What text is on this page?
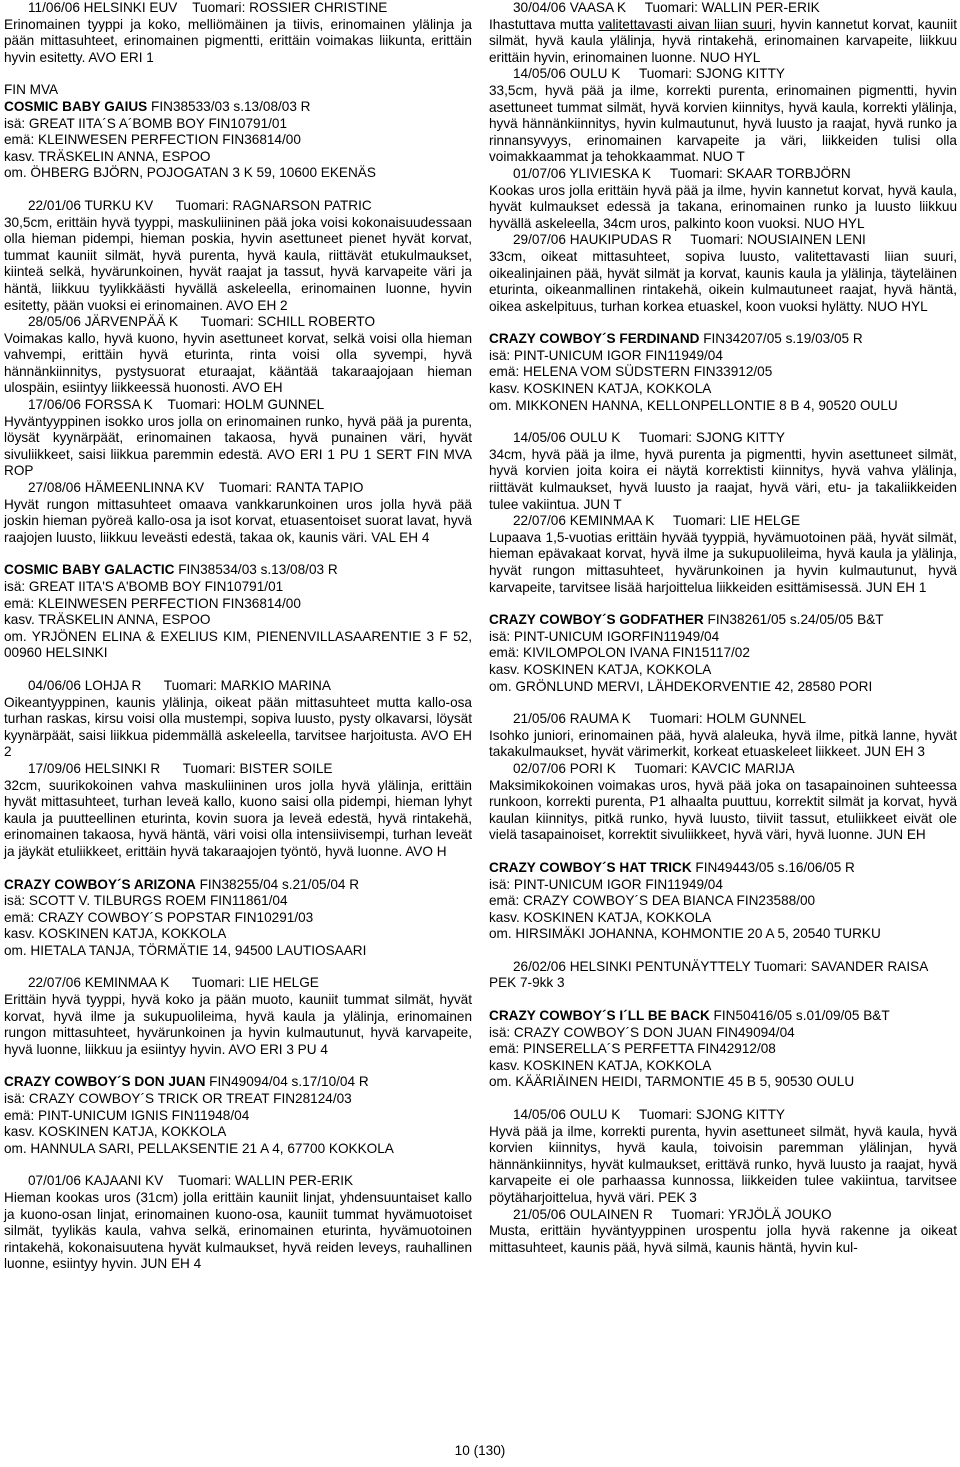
11/06/06 HELSINKI EUV    Tuomari: ROSSIER CHRISTINE
Erinomainen tyyppi ja koko, melliömäinen ja tiivis, erinomainen ylälinja ja pään mittasuhteet, erinomainen pigmentti, erittäin voimakas liikunta, erittäin hyvin esitetty. AVO ERI 1
FIN MVA
COSMIC BABY GAIUS FIN38533/03 s.13/08/03 R
isä: GREAT IITA´S A´BOMB BOY FIN10791/01
emä: KLEINWESEN PERFECTION FIN36814/00
kasv. TRÄSKELIN ANNA, ESPOO
om. ÖHBERG BJÖRN, POJOGATAN 3 K 59, 10600 EKENÄS
22/01/06 TURKU KV      Tuomari: RAGNARSON PATRIC
30,5cm, erittäin hyvä tyyppi, maskuliininen pää joka voisi kokonaisuudessaan olla hieman pidempi, hieman poskia, hyvin asettuneet pienet hyvät korvat, tummat kauniit silmät, hyvä purenta, hyvä kaula, riittävät etukulmaukset, kiinteä selkä, hyvärunkoinen, hyvät raajat ja tassut, hyvä karvapeite väri ja häntä, liikkuu tyylikkäästi hyvällä askeleella, erinomainen luonne, hyvin esitetty, pään vuoksi ei erinomainen. AVO EH 2
28/05/06 JÄRVENPÄÄ K      Tuomari: SCHILL ROBERTO
Voimakas kallo, hyvä kuono, hyvin asettuneet korvat, selkä voisi olla hieman vahvempi, erittäin hyvä eturinta, rinta voisi olla syvempi, hyvä hännänkiinnitys, pystysuorat eturaajat, kääntää takaraajojaan hieman ulospäin, esiintyy liikkeessä huonosti. AVO EH
17/06/06 FORSSA K    Tuomari: HOLM GUNNEL
Hyväntyyppinen isokko uros jolla on erinomainen runko, hyvä pää ja purenta, löysät kyynärpäät, erinomainen takaosa, hyvä punainen väri, hyvät sivuliikkeet, saisi liikkua paremmin edestä. AVO ERI 1 PU 1 SERT FIN MVA ROP
27/08/06 HÄMEENLINNA KV    Tuomari: RANTA TAPIO
Hyvät rungon mittasuhteet omaava vankkarunkoinen uros jolla hyvä pää joskin hieman pyöreä kallo-osa ja isot korvat, etuasentoiset suorat lavat, hyvä raajojen luusto, liikkuu leveästi edestä, takaa ok, kaunis väri. VAL EH 4
COSMIC BABY GALACTIC FIN38534/03 s.13/08/03 R
isä: GREAT IITA'S A'BOMB BOY FIN10791/01
emä: KLEINWESEN PERFECTION FIN36814/00
kasv. TRÄSKELIN ANNA, ESPOO
om. YRJÖNEN ELINA & EXELIUS KIM, PIENENVILLASAARENTIE 3 F 52, 00960 HELSINKI
04/06/06 LOHJA R      Tuomari: MARKIO MARINA
Oikeantyyppinen, kaunis ylälinja, oikeat pään mittasuhteet mutta kallo-osa turhan raskas, kirsu voisi olla mustempi, sopiva luusto, pysty olkavarsi, löysät kyynärpäät, saisi liikkua pidemmällä askeleella, tarvitsee harjoitusta. AVO EH 2
17/09/06 HELSINKI R      Tuomari: BISTER SOILE
32cm, suurikokoinen vahva maskuliininen uros jolla hyvä ylälinja, erittäin hyvät mittasuhteet, turhan leveä kallo, kuono saisi olla pidempi, hieman lyhyt kaula ja puutteellinen eturinta, kovin suora ja leveä edestä, hyvä rintakehä, erinomainen takaosa, hyvä häntä, väri voisi olla intensiivisempi, turhan leveät ja jäykät etuliikkeet, erittäin hyvä takaraajojen työntö, hyvä luonne. AVO H
CRAZY COWBOY´S ARIZONA FIN38255/04 s.21/05/04 R
isä: SCOTT V. TILBURGS ROEM FIN11861/04
emä: CRAZY COWBOY´S POPSTAR FIN10291/03
kasv. KOSKINEN KATJA, KOKKOLA
om. HIETALA TANJA, TÖRMÄTIE 14, 94500 LAUTIOSAARI
22/07/06 KEMINMAA K      Tuomari: LIE HELGE
Erittäin hyvä tyyppi, hyvä koko ja pään muoto, kauniit tummat silmät, hyvät korvat, hyvä ilme ja sukupuolileima, hyvä kaula ja ylälinja, erinomainen rungon mittasuhteet, hyvärunkoinen ja hyvin kulmautunut, hyvä karvapeite, hyvä luonne, liikkuu ja esiintyy hyvin. AVO ERI 3 PU 4
CRAZY COWBOY´S DON JUAN FIN49094/04 s.17/10/04 R
isä: CRAZY COWBOY´S TRICK OR TREAT FIN28124/03
emä: PINT-UNICUM IGNIS FIN11948/04
kasv. KOSKINEN KATJA, KOKKOLA
om. HANNULA SARI, PELLAKSENTIE 21 A 4, 67700 KOKKOLA
07/01/06 KAJAANI KV    Tuomari: WALLIN PER-ERIK
Hieman kookas uros (31cm) jolla erittäin kauniit linjat, yhdensuuntaiset kallo ja kuono-osan linjat, erinomainen kuono-osa, kauniit tummat hyvämuotoiset silmät, tyylikäs kaula, vahva selkä, erinomainen eturinta, hyvämuotoinen rintakehä, kokonaisuutena hyvät kulmaukset, hyvä reiden leveys, rauhallinen luonne, esiintyy hyvin. JUN EH 4
30/04/06 VAASA K     Tuomari: WALLIN PER-ERIK
Ihastuttava mutta valitettavasti aivan liian suuri, hyvin kannetut korvat, kauniit silmät, hyvä kaula ylälinja, hyvä rintakehä, erinomainen karvapeite, liikkuu erittäin hyvin, erinomainen luonne. NUO HYL
14/05/06 OULU K     Tuomari: SJONG KITTY
33,5cm, hyvä pää ja ilme, korrekti purenta, erinomainen pigmentti, hyvin asettuneet tummat silmät, hyvä korvien kiinnitys, hyvä kaula, korrekti ylälinja, hyvä hännänkiinnitys, hyvin kulmautunut, hyvä luusto ja raajat, hyvä runko ja rinnansyvyys, erinomainen karvapeite ja väri, liikkeiden tulisi olla voimakkaammat ja tehokkaammat. NUO T
01/07/06 YLIVIESKA K     Tuomari: SKAAR TORBJÖRN
Kookas uros jolla erittäin hyvä pää ja ilme, hyvin kannetut korvat, hyvä kaula, hyvät kulmaukset edessä ja takana, erinomainen runko ja luusto liikkuu hyvällä askeleella, 34cm uros, palkinto koon vuoksi. NUO HYL
29/07/06 HAUKIPUDAS R     Tuomari: NOUSIAINEN LENI
33cm, oikeat mittasuhteet, sopiva luusto, valitettavasti liian suuri, oikealinjainen pää, hyvät silmät ja korvat, kaunis kaula ja ylälinja, täyteläinen eturinta, oikeanmallinen rintakehä, oikein kulmautuneet raajat, hyvä häntä, oikea askelpituus, turhan korkea etuaskel, koon vuoksi hylätty. NUO HYL
CRAZY COWBOY´S FERDINAND FIN34207/05 s.19/03/05 R
isä: PINT-UNICUM IGOR FIN11949/04
emä: HELENA VOM SÜDSTERN FIN33912/05
kasv. KOSKINEN KATJA, KOKKOLA
om. MIKKONEN HANNA, KELLONPELLONTIE 8 B 4, 90520 OULU
14/05/06 OULU K     Tuomari: SJONG KITTY
34cm, hyvä pää ja ilme, hyvä purenta ja pigmentti, hyvin asettuneet silmät, hyvä korvien joita koira ei näytä korrektisti kiinnitys, hyvä vahva ylälinja, riittävät kulmaukset, hyvä luusto ja raajat, hyvä väri, etu- ja takaliikkeiden tulee vakiintua. JUN T
22/07/06 KEMINMAA K     Tuomari: LIE HELGE
Lupaava 1,5-vuotias erittäin hyvää tyyppiä, hyvämuotoinen pää, hyvät silmät, hieman epävakaat korvat, hyvä ilme ja sukupuolileima, hyvä kaula ja ylälinja, hyvät rungon mittasuhteet, hyvärunkoinen ja hyvin kulmautunut, hyvä karvapeite, tarvitsee lisää harjoittelua liikkeiden esittämisessä. JUN EH 1
CRAZY COWBOY´S GODFATHER FIN38261/05 s.24/05/05 B&T
isä: PINT-UNICUM IGORFIN11949/04
emä: KIVILOMPOLON IVANA FIN15117/02
kasv. KOSKINEN KATJA, KOKKOLA
om. GRÖNLUND MERVI, LÄHDEKORVENTIE 42, 28580 PORI
21/05/06 RAUMA K     Tuomari: HOLM GUNNEL
Isohko juniori, erinomainen pää, hyvä alaleuka, hyvä ilme, pitkä lanne, hyvät takakulmaukset, hyvät värimerkit, korkeat etuaskeleet liikkeet. JUN EH 3
02/07/06 PORI K     Tuomari: KAVCIC MARIJA
Maksimikokoinen voimakas uros, hyvä pää joka on tasapainoinen suhteessa runkoon, korrekti purenta, P1 alhaalta puuttuu, korrektit silmät ja korvat, hyvä kaulan kiinnitys, pitkä runko, hyvä luusto, tiiviit tassut, etuliikkeet eivät ole vielä tasapainoiset, korrektit sivuliikkeet, hyvä väri, hyvä luonne. JUN EH
CRAZY COWBOY´S HAT TRICK FIN49443/05 s.16/06/05 R
isä: PINT-UNICUM IGOR FIN11949/04
emä: CRAZY COWBOY´S DEA BIANCA FIN23588/00
kasv. KOSKINEN KATJA, KOKKOLA
om. HIRSIMÄKI JOHANNA, KOHMONTIE 20 A 5, 20540 TURKU
26/02/06 HELSINKI PENTUNÄYTTELY Tuomari: SAVANDER RAISA
PEK 7-9kk 3
CRAZY COWBOY´S I´LL BE BACK FIN50416/05 s.01/09/05 B&T
isä: CRAZY COWBOY´S DON JUAN FIN49094/04
emä: PINSERELLA´S PERFETTA FIN42912/08
kasv. KOSKINEN KATJA, KOKKOLA
om. KÄÄRIÄINEN HEIDI, TARMONTIE 45 B 5, 90530 OULU
14/05/06 OULU K     Tuomari: SJONG KITTY
Hyvä pää ja ilme, korrekti purenta, hyvin asettuneet silmät, hyvä kaula, hyvä korvien kiinnitys, hyvä kaula, toivoisin paremman ylälinjan, hyvä hännänkiinnitys, hyvät kulmaukset, erittävä runko, hyvä luusto ja raajat, hyvä karvapeite ei ole parhaassa kunnossa, liikkeiden tulee vakiintua, tarvitsee pöytäharjoittelua, hyvä väri. PEK 3
21/05/06 OULAINEN R     Tuomari: YRJÖLÄ JOUKO
Musta, erittäin hyväntyyppinen urospentu jolla hyvä rakenne ja oikeat mittasuhteet, kaunis pää, hyvä silmä, kaunis häntä, hyvin kul-
10 (130)
